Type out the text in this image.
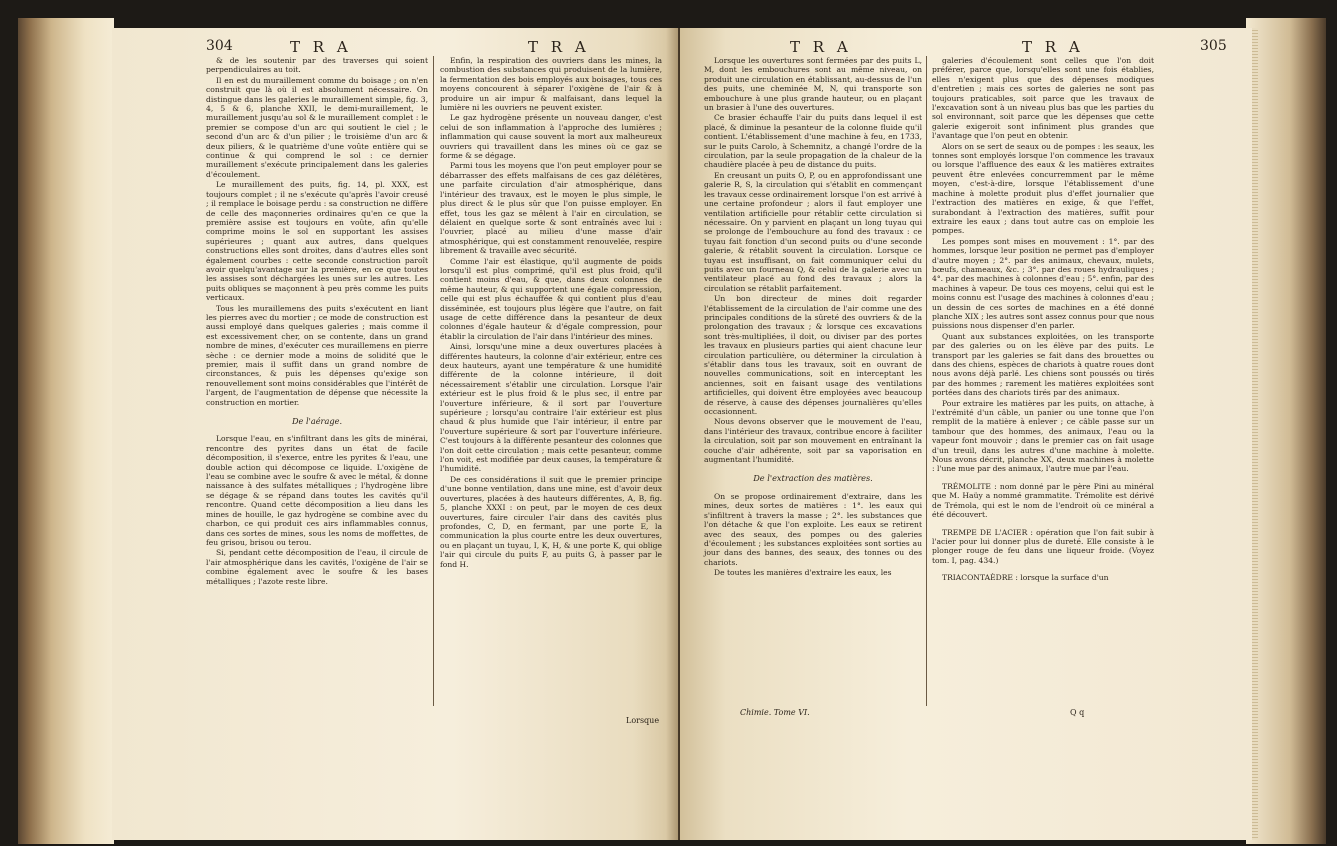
304	T R A	T R A

& de les soutenir par des traverses qui soient perpendiculaires au toit.

Il en est du muraillement comme du boisage ; on n'en construit que là où il est absolument nécessaire. On distingue dans les galeries le muraillement simple, fig. 3, 4, 5 & 6, planche XXII, le demi-muraillement, le muraillement jusqu'au sol & le muraillement complet : le premier se compose d'un arc qui soutient le ciel ; le second d'un arc & d'un pilier ; le troisième d'un arc & deux piliers, & le quatrième d'une voûte entière qui se continue & qui comprend le sol : ce dernier muraillement s'exécute principalement dans les galeries d'écoulement.

Le muraillement des puits, fig. 14, pl. XXX, est toujours complet ; il ne s'exécute qu'après l'avoir creusé ; il remplace le boisage perdu : sa construction ne diffère de celle des maçonneries ordinaires qu'en ce que la première assise est toujours en voûte, afin qu'elle comprime moins le sol en supportant les assises supérieures ; quant aux autres, dans quelques constructions elles sont droites, dans d'autres elles sont également courbes : cette seconde construction paroît avoir quelqu'avantage sur la première, en ce que toutes les assises sont déchargées les unes sur les autres. Les puits obliques se maçonnent à peu près comme les puits verticaux.

Tous les muraillemens des puits s'exécutent en liant les pierres avec du mortier ; ce mode de construction est aussi employé dans quelques galeries ; mais comme il est excessivement cher, on se contente, dans un grand nombre de mines, d'exécuter ces muraillemens en pierre sèche : ce dernier mode a moins de solidité que le premier, mais il suffit dans un grand nombre de circonstances, & puis les dépenses qu'exige son renouvellement sont moins considérables que l'intérêt de l'argent, de l'augmentation de dépense que nécessite la construction en mortier.

De l'aérage.

Lorsque l'eau, en s'infiltrant dans les gîts de minérai, rencontre des pyrites dans un état de facile décomposition, il s'exerce, entre les pyrites & l'eau, une double action qui décompose ce liquide. L'oxigène de l'eau se combine avec le soufre & avec le métal, & donne naissance à des sulfates métalliques ; l'hydrogène libre se dégage & se répand dans toutes les cavités qu'il rencontre. Quand cette décomposition a lieu dans les mines de houille, le gaz hydrogène se combine avec du charbon, ce qui produit ces airs inflammables connus, dans ces sortes de mines, sous les noms de moffettes, de feu grisou, brisou ou terou.

Si, pendant cette décomposition de l'eau, il circule de l'air atmosphérique dans les cavités, l'oxigène de l'air se combine également avec le soufre & les bases métalliques ; l'azote reste libre.

Enfin, la respiration des ouvriers dans les mines, la combustion des substances qui produisent de la lumière, la fermentation des bois employés aux boisages, tous ces moyens concourent à séparer l'oxigène de l'air & à produire un air impur & malfaisant, dans lequel la lumière ni les ouvriers ne peuvent exister.

Le gaz hydrogène présente un nouveau danger, c'est celui de son inflammation à l'approche des lumières ; inflammation qui cause souvent la mort aux malheureux ouvriers qui travaillent dans les mines où ce gaz se forme & se dégage.

Parmi tous les moyens que l'on peut employer pour se débarrasser des effets malfaisans de ces gaz délétères, une parfaite circulation d'air atmosphérique, dans l'intérieur des travaux, est le moyen le plus simple, le plus direct & le plus sûr que l'on puisse employer. En effet, tous les gaz se mêlent à l'air en circulation, se délaient en quelque sorte & sont entraînés avec lui : l'ouvrier, placé au milieu d'une masse d'air atmosphérique, qui est constamment renouvelée, respire librement & travaille avec sécurité.

Comme l'air est élastique, qu'il augmente de poids lorsqu'il est plus comprimé, qu'il est plus froid, qu'il contient moins d'eau, & que, dans deux colonnes de même hauteur, & qui supportent une égale compression, celle qui est plus échauffée & qui contient plus d'eau disséminée, est toujours plus légère que l'autre, on fait usage de cette différence dans la pesanteur de deux colonnes d'égale hauteur & d'égale compression, pour établir la circulation de l'air dans l'intérieur des mines.

Ainsi, lorsqu'une mine a deux ouvertures placées à différentes hauteurs, la colonne d'air extérieur, entre ces deux hauteurs, ayant une température & une humidité différente de la colonne intérieure, il doit nécessairement s'établir une circulation. Lorsque l'air extérieur est le plus froid & le plus sec, il entre par l'ouverture inférieure, & il sort par l'ouverture supérieure ; lorsqu'au contraire l'air extérieur est plus chaud & plus humide que l'air intérieur, il entre par l'ouverture supérieure & sort par l'ouverture inférieure. C'est toujours à la différente pesanteur des colonnes que l'on doit cette circulation ; mais cette pesanteur, comme l'on voit, est modifiée par deux causes, la température & l'humidité.

De ces considérations il suit que le premier principe d'une bonne ventilation, dans une mine, est d'avoir deux ouvertures, placées à des hauteurs différentes, A, B, fig. 5, planche XXXI : on peut, par le moyen de ces deux ouvertures, faire circuler l'air dans des cavités plus profondes, C, D, en fermant, par une porte E, la communication la plus courte entre les deux ouvertures, ou en plaçant un tuyau, I, K, H, & une porte K, qui oblige l'air qui circule du puits F, au puits G, à passer par le fond H.

Lorsque
T R A	T R A	305

Lorsque les ouvertures sont fermées par des puits L, M, dont les embouchures sont au même niveau, on produit une circulation en établissant, au-dessus de l'un des puits, une cheminée M, N, qui transporte son embouchure à une plus grande hauteur, ou en plaçant un brasier à l'une des ouvertures.

Ce brasier échauffe l'air du puits dans lequel il est placé, & diminue la pesanteur de la colonne fluide qu'il contient. L'établissement d'une machine à feu, en 1733, sur le puits Carolo, à Schemnitz, a changé l'ordre de la circulation, par la seule propagation de la chaleur de la chaudière placée à peu de distance du puits.

En creusant un puits O, P, ou en approfondissant une galerie R, S, la circulation qui s'établit en commençant les travaux cesse ordinairement lorsque l'on est arrivé à une certaine profondeur ; alors il faut employer une ventilation artificielle pour rétablir cette circulation si nécessaire. On y parvient en plaçant un long tuyau qui se prolonge de l'embouchure au fond des travaux : ce tuyau fait fonction d'un second puits ou d'une seconde galerie, & rétablit souvent la circulation. Lorsque ce tuyau est insuffisant, on fait communiquer celui du puits avec un fourneau Q, & celui de la galerie avec un ventilateur placé au fond des travaux ; alors la circulation se rétablit parfaitement.

Un bon directeur de mines doit regarder l'établissement de la circulation de l'air comme une des principales conditions de la sûreté des ouvriers & de la prolongation des travaux ; & lorsque ces excavations sont très-multipliées, il doit, ou diviser par des portes les travaux en plusieurs parties qui aient chacune leur circulation particulière, ou déterminer la circulation à s'établir dans tous les travaux, soit en ouvrant de nouvelles communications, soit en interceptant les anciennes, soit en faisant usage des ventilations artificielles, qui doivent être employées avec beaucoup de réserve, à cause des dépenses journalières qu'elles occasionnent.

Nous devons observer que le mouvement de l'eau, dans l'intérieur des travaux, contribue encore à faciliter la circulation, soit par son mouvement en entraînant la couche d'air adhérente, soit par sa vaporisation en augmentant l'humidité.

De l'extraction des matières.

On se propose ordinairement d'extraire, dans les mines, deux sortes de matières : 1°. les eaux qui s'infiltrent à travers la masse ; 2°. les substances que l'on détache & que l'on exploite. Les eaux se retirent avec des seaux, des pompes ou des galeries d'écoulement ; les substances exploitées sont sorties au jour dans des bannes, des seaux, des tonnes ou des chariots.

De toutes les manières d'extraire les eaux, les

galeries d'écoulement sont celles que l'on doit préférer, parce que, lorsqu'elles sont une fois établies, elles n'exigent plus que des dépenses modiques d'entretien ; mais ces sortes de galeries ne sont pas toujours praticables, soit parce que les travaux de l'excavation sont à un niveau plus bas que les parties du sol environnant, soit parce que les dépenses que cette galerie exigeroit sont infiniment plus grandes que l'avantage que l'on peut en obtenir.

Alors on se sert de seaux ou de pompes : les seaux, les tonnes sont employés lorsque l'on commence les travaux ou lorsque l'affluence des eaux & les matières extraites peuvent être enlevées concurremment par le même moyen, c'est-à-dire, lorsque l'établissement d'une machine à molette produit plus d'effet journalier que l'extraction des matières en exige, & que l'effet, surabondant à l'extraction des matières, suffit pour extraire les eaux ; dans tout autre cas on emploie les pompes.

Les pompes sont mises en mouvement : 1°. par des hommes, lorsque leur position ne permet pas d'employer d'autre moyen ; 2°. par des animaux, chevaux, mulets, bœufs, chameaux, &c. ; 3°. par des roues hydrauliques ; 4°. par des machines à colonnes d'eau ; 5°. enfin, par des machines à vapeur. De tous ces moyens, celui qui est le moins connu est l'usage des machines à colonnes d'eau ; un dessin de ces sortes de machines en a été donné planche XIX ; les autres sont assez connus pour que nous puissions nous dispenser d'en parler.

Quant aux substances exploitées, on les transporte par des galeries ou on les élève par des puits. Le transport par les galeries se fait dans des brouettes ou dans des chiens, espèces de chariots à quatre roues dont nous avons déjà parlé. Les chiens sont poussés ou tirés par des hommes ; rarement les matières exploitées sont portées dans des chariots tirés par des animaux.

Pour extraire les matières par les puits, on attache, à l'extrémité d'un câble, un panier ou une tonne que l'on remplit de la matière à enlever ; ce câble passe sur un tambour que des hommes, des animaux, l'eau ou la vapeur font mouvoir ; dans le premier cas on fait usage d'un treuil, dans les autres d'une machine à molette. Nous avons décrit, planche XX, deux machines à molette : l'une mue par des animaux, l'autre mue par l'eau.

TRÉMOLITE : nom donné par le père Pini au minéral que M. Haüy a nommé grammatite. Trémolite est dérivé de Trémola, qui est le nom de l'endroit où ce minéral a été découvert.

TREMPE DE L'ACIER : opération que l'on fait subir à l'acier pour lui donner plus de dureté. Elle consiste à le plonger rouge de feu dans une liqueur froide. (Voyez tom. I, pag. 434.)

TRIACONTAÈDRE : lorsque la surface d'un

Chimie. Tome VI.	Q q
